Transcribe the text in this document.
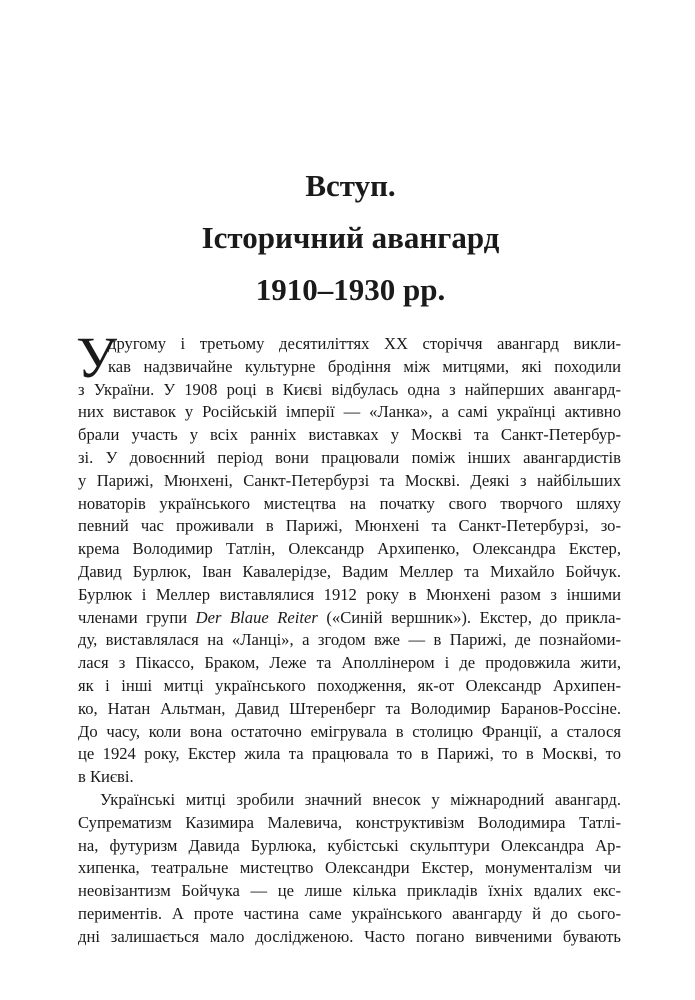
Вступ.
Історичний авангард
1910–1930 рр.
У
другому і третьому десятиліттях XX сторіччя авангард викли-
кав надзвичайне культурне бродіння між митцями, які походили
з України. У 1908 році в Києві відбулась одна з найперших авангард-
них виставок у Російській імперії — «Ланка», а самі українці активно
брали участь у всіх ранніх виставках у Москві та Санкт-Петербур-
зі. У довоєнний період вони працювали поміж інших авангардистів
у Парижі, Мюнхені, Санкт-Петербурзі та Москві. Деякі з найбільших
новаторів українського мистецтва на початку свого творчого шляху
певний час проживали в Парижі, Мюнхені та Санкт-Петербурзі, зо-
крема Володимир Татлін, Олександр Архипенко, Олександра Екстер,
Давид Бурлюк, Іван Кавалерідзе, Вадим Меллер та Михайло Бойчук.
Бурлюк і Меллер виставлялися 1912 року в Мюнхені разом з іншими
членами групи Der Blaue Reiter («Синій вершник»). Екстер, до прикла-
ду, виставлялася на «Ланці», а згодом вже — в Парижі, де познайоми-
лася з Пікассо, Браком, Леже та Аполлінером і де продовжила жити,
як і інші митці українського походження, як-от Олександр Архипен-
ко, Натан Альтман, Давид Штеренберг та Володимир Баранов-Россіне.
До часу, коли вона остаточно емігрувала в столицю Франції, а сталося
це 1924 року, Екстер жила та працювала то в Парижі, то в Москві, то
в Києві.
Українські митці зробили значний внесок у міжнародний авангард.
Супрематизм Казимира Малевича, конструктивізм Володимира Татлі-
на, футуризм Давида Бурлюка, кубістські скульптури Олександра Ар-
хипенка, театральне мистецтво Олександри Екстер, монументалізм чи
неовізантизм Бойчука — це лише кілька прикладів їхніх вдалих екс-
периментів. А проте частина саме українського авангарду й до сього-
дні залишається мало дослідженою. Часто погано вивченими бувають
